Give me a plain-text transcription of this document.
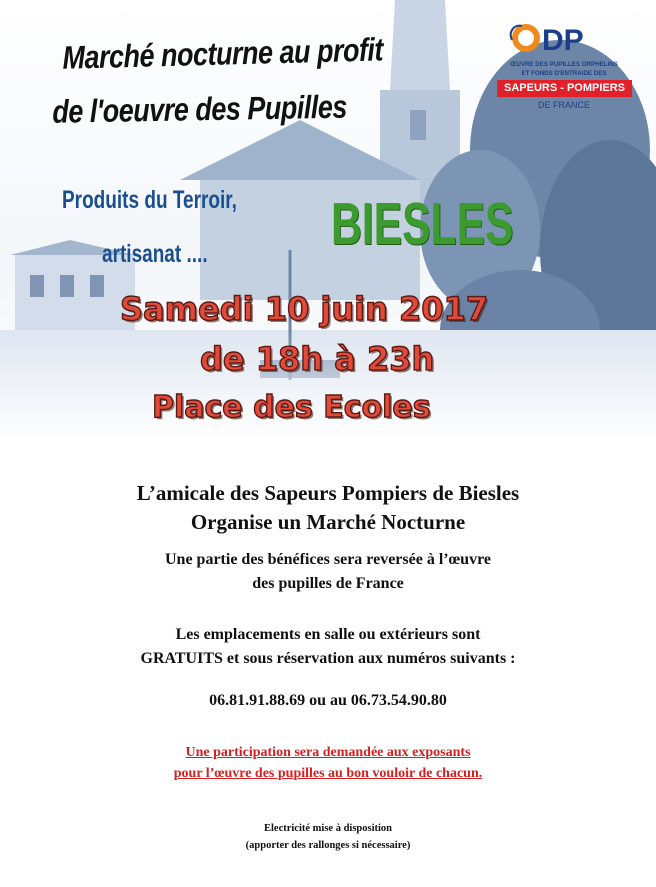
Marché nocturne au profit
de l'oeuvre des Pupilles
DP
ŒUVRE DES PUPILLES ORPHELINS
ET FONDS D'ENTRAIDE DES
SAPEURS - POMPIERS
DE FRANCE
Produits du Terroir,
artisanat .... BIESLES
Samedi 10 juin 2017
de 18h à 23h
Place des Ecoles
L’amicale des Sapeurs Pompiers de Biesles
Organise un Marché Nocturne
Une partie des bénéfices sera reversée à l’œuvre
des pupilles de France
Les emplacements en salle ou extérieurs sont
GRATUITS et sous réservation aux numéros suivants :
06.81.91.88.69 ou au 06.73.54.90.80
Une participation sera demandée aux exposants
pour l’œuvre des pupilles au bon vouloir de chacun.
Electricité mise à disposition
(apporter des rallonges si nécessaire)
